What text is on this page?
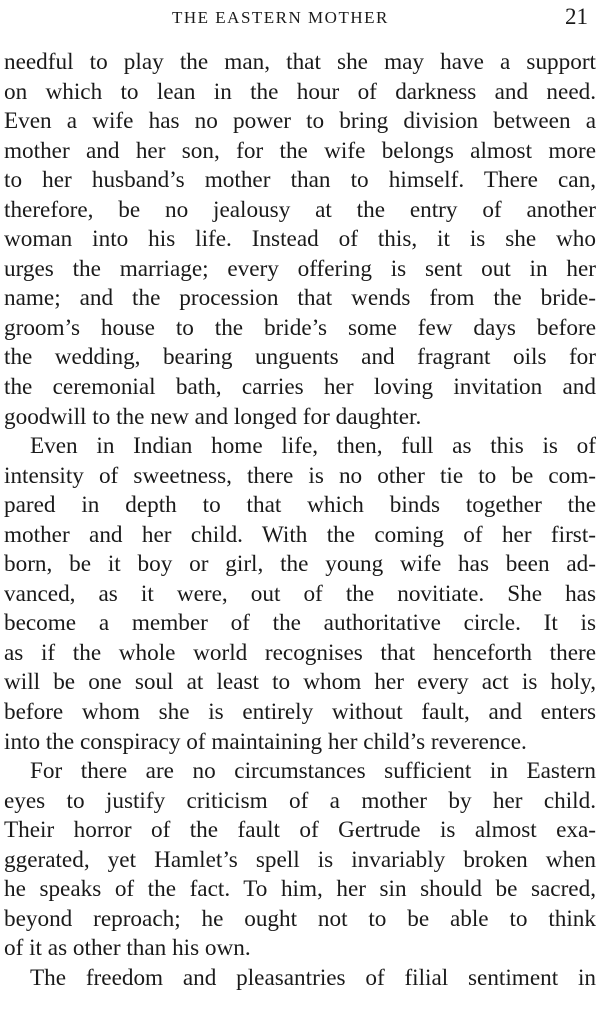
THE EASTERN MOTHER	21
needful to play the man, that she may have a support
on which to lean in the hour of darkness and need.
Even a wife has no power to bring division between a
mother and her son, for the wife belongs almost more
to her husband’s mother than to himself. There can,
therefore, be no jealousy at the entry of another
woman into his life. Instead of this, it is she who
urges the marriage; every offering is sent out in her
name; and the procession that wends from the bride-
groom’s house to the bride’s some few days before
the wedding, bearing unguents and fragrant oils for
the ceremonial bath, carries her loving invitation and
goodwill to the new and longed for daughter.
Even in Indian home life, then, full as this is of
intensity of sweetness, there is no other tie to be com-
pared in depth to that which binds together the
mother and her child. With the coming of her first-
born, be it boy or girl, the young wife has been ad-
vanced, as it were, out of the novitiate. She has
become a member of the authoritative circle. It is
as if the whole world recognises that henceforth there
will be one soul at least to whom her every act is holy,
before whom she is entirely without fault, and enters
into the conspiracy of maintaining her child’s reverence.
For there are no circumstances sufficient in Eastern
eyes to justify criticism of a mother by her child.
Their horror of the fault of Gertrude is almost exa-
ggerated, yet Hamlet’s spell is invariably broken when
he speaks of the fact. To him, her sin should be sacred,
beyond reproach; he ought not to be able to think
of it as other than his own.
The freedom and pleasantries of filial sentiment in
